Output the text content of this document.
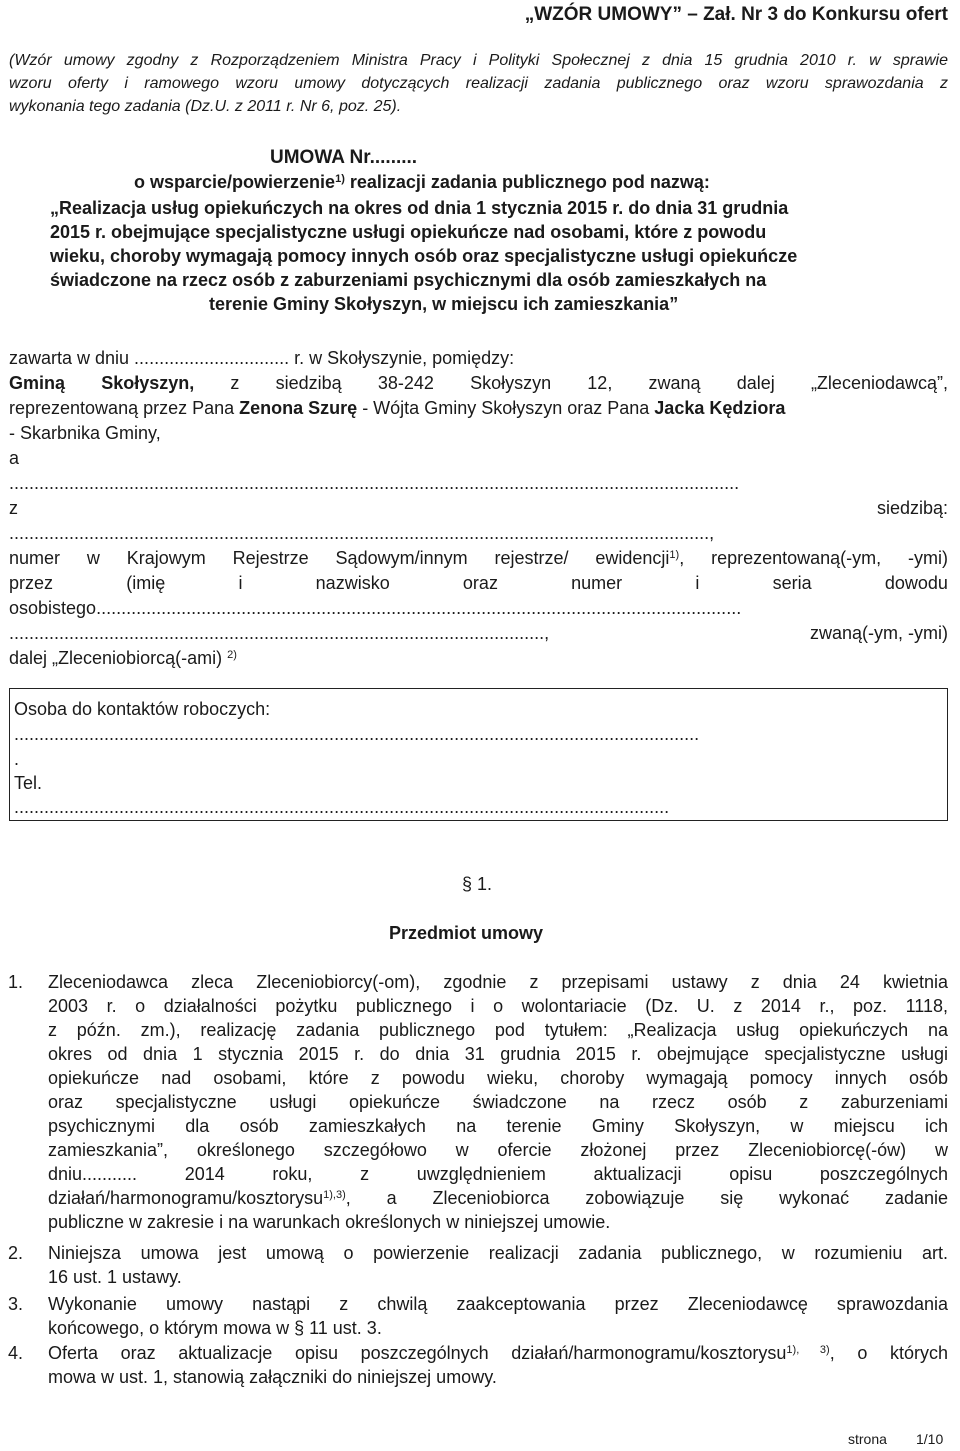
„WZÓR UMOWY” – Zał. Nr 3 do Konkursu ofert
(Wzór umowy zgodny z Rozporządzeniem Ministra Pracy i Polityki Społecznej z dnia 15 grudnia 2010 r. w sprawie
wzoru oferty i ramowego wzoru umowy dotyczących realizacji zadania publicznego oraz wzoru sprawozdania z
wykonania tego zadania (Dz.U. z 2011 r. Nr 6, poz. 25).
UMOWA Nr.........
o wsparcie/powierzenie$^{1)}$ realizacji zadania publicznego pod nazwą:
„Realizacja usług opiekuńczych na okres od dnia 1 stycznia 2015 r. do dnia 31 grudnia
2015 r. obejmujące specjalistyczne usługi opiekuńcze nad osobami, które z powodu
wieku, choroby wymagają pomocy innych osób oraz specjalistyczne usługi opiekuńcze
świadczone na rzecz osób z zaburzeniami psychicznymi dla osób zamieszkałych na
terenie Gminy Skołyszyn, w miejscu ich zamieszkania”
zawarta w dniu ............................... r. w Skołyszynie, pomiędzy:
Gminą Skołyszyn, z siedzibą 38-242 Skołyszyn 12, zwaną dalej „Zleceniodawcą”,
reprezentowaną przez Pana Zenona Szurę - Wójta Gminy Skołyszyn oraz Pana Jacka Kędziora
- Skarbnika Gminy,
a
..................................................................................................................................................
z	siedzibą:
............................................................................................................................................,
numer w Krajowym Rejestrze Sądowym/innym rejestrze/ ewidencji$^{1)}$, reprezentowaną(-ym, -ymi)
przez	(imię	i	nazwisko	oraz	numer	i	seria	dowodu
osobistego.................................................................................................................................
...........................................................................................................,	zwaną(-ym, -ymi)
dalej „Zleceniobiorcą(-ami) $^{2)}$
Osoba do kontaktów roboczych:
.........................................................................................................................................
.
Tel.
...................................................................................................................................
§ 1.
Przedmiot umowy
1. Zleceniodawca zleca Zleceniobiorcy(-om), zgodnie z przepisami ustawy z dnia 24 kwietnia
2003 r. o działalności pożytku publicznego i o wolontariacie (Dz. U. z 2014 r., poz. 1118,
z późn. zm.), realizację zadania publicznego pod tytułem: „Realizacja usług opiekuńczych na
okres od dnia 1 stycznia 2015 r. do dnia 31 grudnia 2015 r. obejmujące specjalistyczne usługi
opiekuńcze nad osobami, które z powodu wieku, choroby wymagają pomocy innych osób
oraz specjalistyczne usługi opiekuńcze świadczone na rzecz osób z zaburzeniami
psychicznymi dla osób zamieszkałych na terenie Gminy Skołyszyn, w miejscu ich
zamieszkania”, określonego szczegółowo w ofercie złożonej przez Zleceniobiorcę(-ów) w
dniu........... 2014 roku, z uwzględnieniem aktualizacji opisu poszczególnych
działań/harmonogramu/kosztorysu$^{1),3)}$, a Zleceniobiorca zobowiązuje się wykonać zadanie
publiczne w zakresie i na warunkach określonych w niniejszej umowie.
2. Niniejsza umowa jest umową o powierzenie realizacji zadania publicznego, w rozumieniu art.
16 ust. 1 ustawy.
3. Wykonanie umowy nastąpi z chwilą zaakceptowania przez Zleceniodawcę sprawozdania
końcowego, o którym mowa w § 11 ust. 3.
4. Oferta oraz aktualizacje opisu poszczególnych działań/harmonogramu/kosztorysu$^{1), 3)}$, o których
mowa w ust. 1, stanowią załączniki do niniejszej umowy.
strona 1/10
